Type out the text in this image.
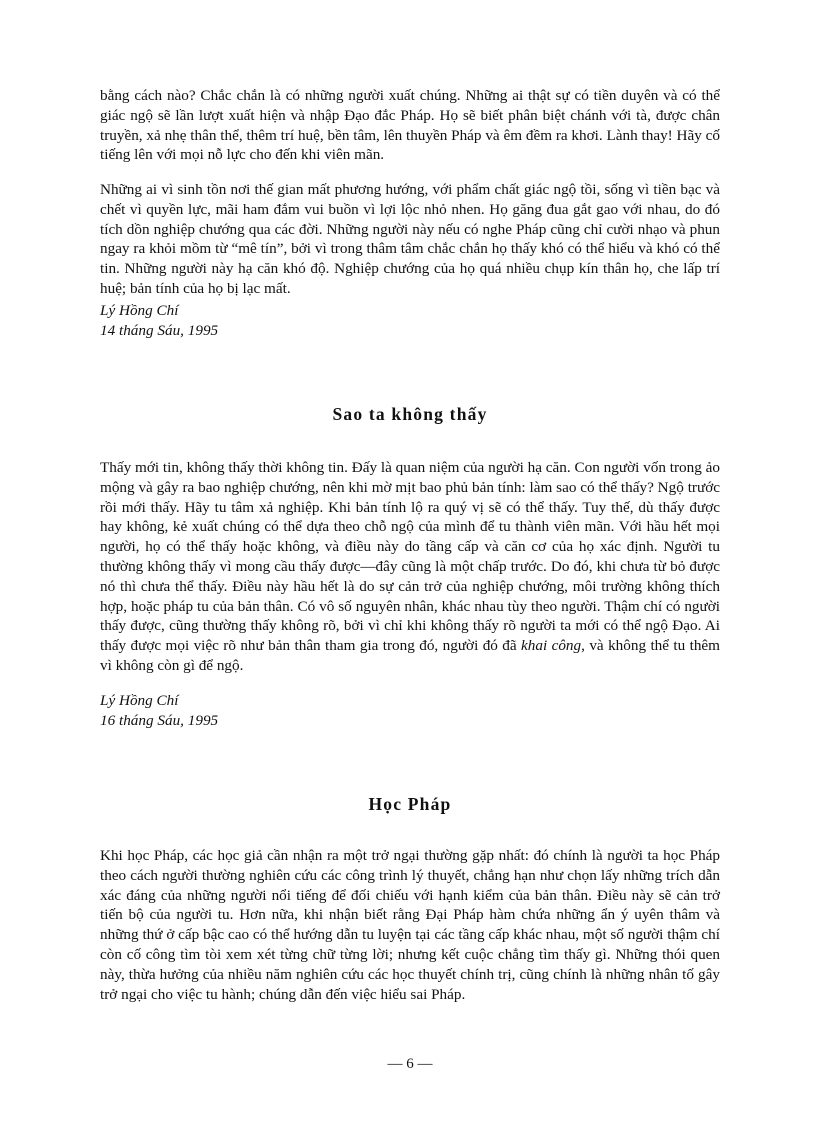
bằng cách nào? Chắc chắn là có những người xuất chúng. Những ai thật sự có tiền duyên và có thể giác ngộ sẽ lần lượt xuất hiện và nhập Đạo đắc Pháp. Họ sẽ biết phân biệt chánh với tà, được chân truyền, xả nhẹ thân thể, thêm trí huệ, bền tâm, lên thuyền Pháp và êm đềm ra khơi. Lành thay! Hãy cố tiếng lên với mọi nỗ lực cho đến khi viên mãn.

Những ai vì sinh tồn nơi thế gian mất phương hướng, với phẩm chất giác ngộ tồi, sống vì tiền bạc và chết vì quyền lực, mãi ham đắm vui buồn vì lợi lộc nhỏ nhen. Họ găng đua gắt gao với nhau, do đó tích dồn nghiệp chướng qua các đời. Những người này nếu có nghe Pháp cũng chỉ cười nhạo và phun ngay ra khỏi mồm từ “mê tín”, bởi vì trong thâm tâm chắc chắn họ thấy khó có thể hiểu và khó có thể tin. Những người này hạ căn khó độ. Nghiệp chướng của họ quá nhiều chụp kín thân họ, che lấp trí huệ; bản tính của họ bị lạc mất.

Lý Hồng Chí

14 tháng Sáu, 1995

Sao ta không thấy

Thấy mới tin, không thấy thời không tin. Đấy là quan niệm của người hạ căn. Con người vốn trong ảo mộng và gây ra bao nghiệp chướng, nên khi mờ mịt bao phủ bản tính: làm sao có thể thấy? Ngộ trước rồi mới thấy. Hãy tu tâm xả nghiệp. Khi bản tính lộ ra quý vị sẽ có thể thấy. Tuy thế, dù thấy được hay không, kẻ xuất chúng có thể dựa theo chỗ ngộ của mình để tu thành viên mãn. Với hầu hết mọi người, họ có thể thấy hoặc không, và điều này do tầng cấp và căn cơ của họ xác định. Người tu thường không thấy vì mong cầu thấy được—đây cũng là một chấp trước. Do đó, khi chưa từ bỏ được nó thì chưa thể thấy. Điều này hầu hết là do sự cản trở của nghiệp chướng, môi trường không thích hợp, hoặc pháp tu của bản thân. Có vô số nguyên nhân, khác nhau tùy theo người. Thậm chí có người thấy được, cũng thường thấy không rõ, bởi vì chỉ khi không thấy rõ người ta mới có thể ngộ Đạo. Ai thấy được mọi việc rõ như bản thân tham gia trong đó, người đó đã khai công, và không thể tu thêm vì không còn gì để ngộ.

Lý Hồng Chí

16 tháng Sáu, 1995

Học Pháp

Khi học Pháp, các học giả cần nhận ra một trở ngại thường gặp nhất: đó chính là người ta học Pháp theo cách người thường nghiên cứu các công trình lý thuyết, chẳng hạn như chọn lấy những trích dẫn xác đáng của những người nổi tiếng để đối chiếu với hạnh kiểm của bản thân. Điều này sẽ cản trở tiến bộ của người tu. Hơn nữa, khi nhận biết rằng Đại Pháp hàm chứa những ẩn ý uyên thâm và những thứ ở cấp bậc cao có thể hướng dẫn tu luyện tại các tầng cấp khác nhau, một số người thậm chí còn cố công tìm tòi xem xét từng chữ từng lời; nhưng kết cuộc chẳng tìm thấy gì. Những thói quen này, thừa hưởng của nhiều năm nghiên cứu các học thuyết chính trị, cũng chính là những nhân tố gây trở ngại cho việc tu hành; chúng dẫn đến việc hiểu sai Pháp.

— 6 —
